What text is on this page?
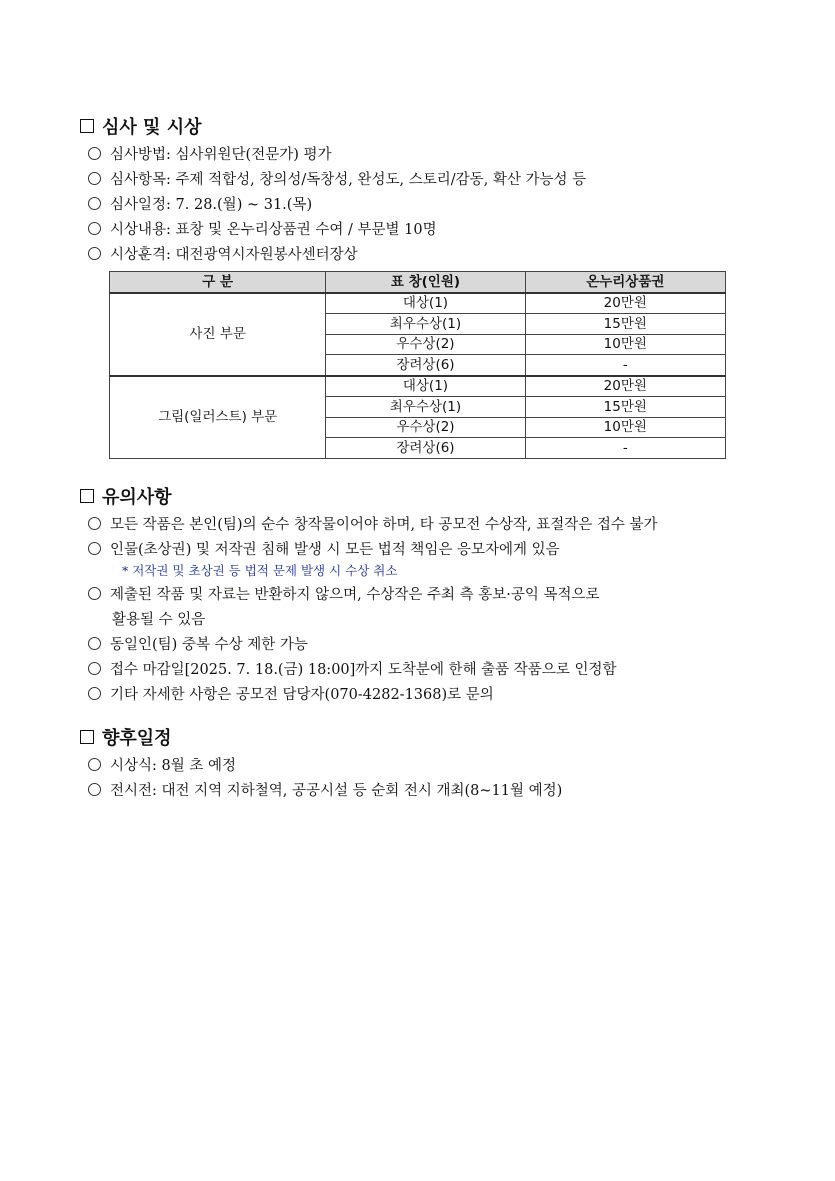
심사 및 시상
심사방법: 심사위원단(전문가) 평가
심사항목: 주제 적합성, 창의성/독창성, 완성도, 스토리/감동, 확산 가능성 등
심사일정: 7. 28.(월) ~ 31.(목)
시상내용: 표창 및 온누리상품권 수여 / 부문별 10명
시상훈격: 대전광역시자원봉사센터장상
구 분	표 창(인원)	온누리상품권
사진 부문	대상(1)	20만원
	최우수상(1)	15만원
	우수상(2)	10만원
	장려상(6)	-
그림(일러스트) 부문	대상(1)	20만원
	최우수상(1)	15만원
	우수상(2)	10만원
	장려상(6)	-
유의사항
모든 작품은 본인(팀)의 순수 창작물이어야 하며, 타 공모전 수상작, 표절작은 접수 불가
인물(초상권) 및 저작권 침해 발생 시 모든 법적 책임은 응모자에게 있음
* 저작권 및 초상권 등 법적 문제 발생 시 수상 취소
제출된 작품 및 자료는 반환하지 않으며, 수상작은 주최 측 홍보·공익 목적으로
활용될 수 있음
동일인(팀) 중복 수상 제한 가능
접수 마감일[2025. 7. 18.(금) 18:00]까지 도착분에 한해 출품 작품으로 인정함
기타 자세한 사항은 공모전 담당자(070-4282-1368)로 문의
향후일정
시상식: 8월 초 예정
전시전: 대전 지역 지하철역, 공공시설 등 순회 전시 개최(8~11월 예정)
